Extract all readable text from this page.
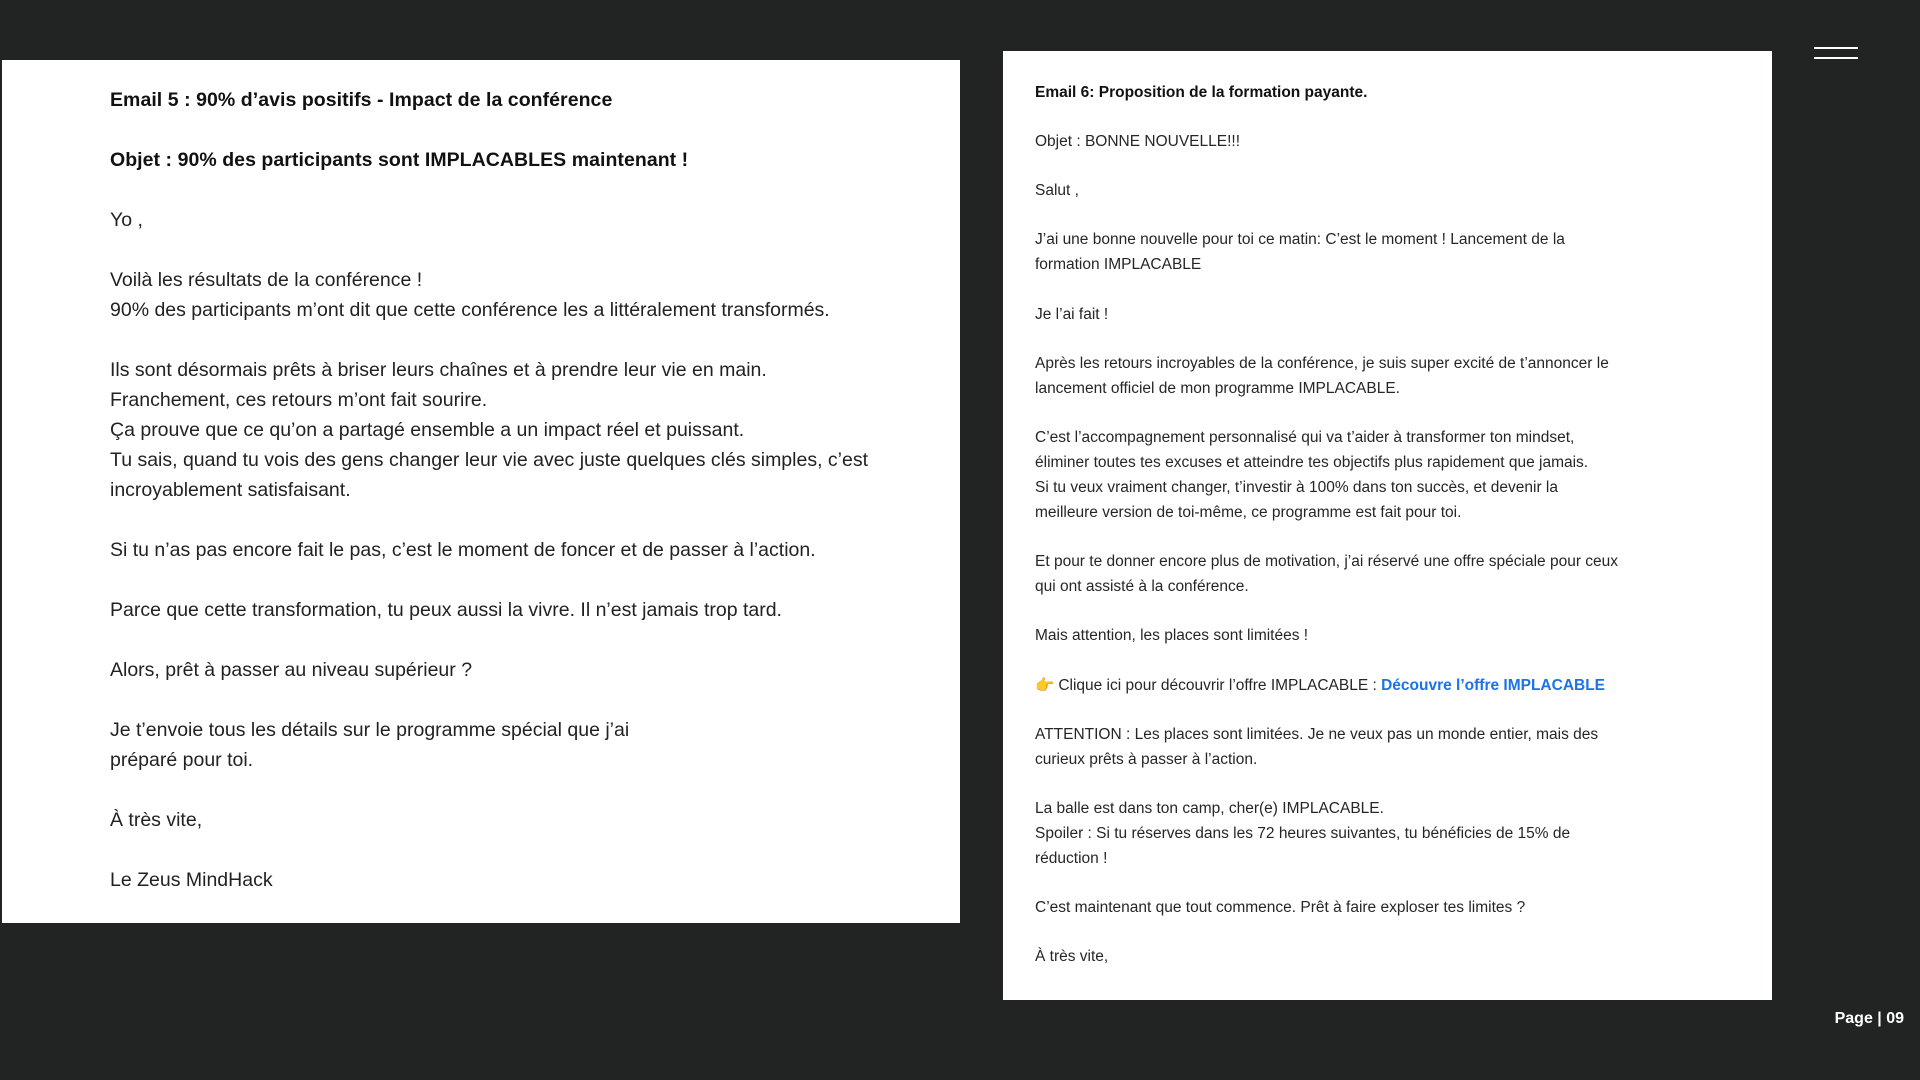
Email 5 : 90% d’avis positifs - Impact de la conférence
Objet : 90% des participants sont IMPLACABLES maintenant !
Yo ,
Voilà les résultats de la conférence !
90% des participants m’ont dit que cette conférence les a littéralement transformés.
Ils sont désormais prêts à briser leurs chaînes et à prendre leur vie en main.
Franchement, ces retours m’ont fait sourire.
Ça prouve que ce qu’on a partagé ensemble a un impact réel et puissant.
Tu sais, quand tu vois des gens changer leur vie avec juste quelques clés simples, c’est
incroyablement satisfaisant.
Si tu n’as pas encore fait le pas, c’est le moment de foncer et de passer à l’action.
Parce que cette transformation, tu peux aussi la vivre. Il n’est jamais trop tard.
Alors, prêt à passer au niveau supérieur ?
Je t’envoie tous les détails sur le programme spécial que j’ai
préparé pour toi.
À très vite,
Le Zeus MindHack
Email 6: Proposition de la formation payante.
Objet : BONNE NOUVELLE!!!
Salut ,
J’ai une bonne nouvelle pour toi ce matin: C’est le moment ! Lancement de la
formation IMPLACABLE
Je l’ai fait !
Après les retours incroyables de la conférence, je suis super excité de t’annoncer le
lancement officiel de mon programme IMPLACABLE.
C’est l’accompagnement personnalisé qui va t’aider à transformer ton mindset,
éliminer toutes tes excuses et atteindre tes objectifs plus rapidement que jamais.
Si tu veux vraiment changer, t’investir à 100% dans ton succès, et devenir la
meilleure version de toi-même, ce programme est fait pour toi.
Et pour te donner encore plus de motivation, j’ai réservé une offre spéciale pour ceux
qui ont assisté à la conférence.
Mais attention, les places sont limitées !
👉 Clique ici pour découvrir l’offre IMPLACABLE : Découvre l’offre IMPLACABLE
ATTENTION : Les places sont limitées. Je ne veux pas un monde entier, mais des
curieux prêts à passer à l’action.
La balle est dans ton camp, cher(e) IMPLACABLE.
Spoiler : Si tu réserves dans les 72 heures suivantes, tu bénéficies de 15% de
réduction !
C’est maintenant que tout commence. Prêt à faire exploser tes limites ?
À très vite,
Page | 09
